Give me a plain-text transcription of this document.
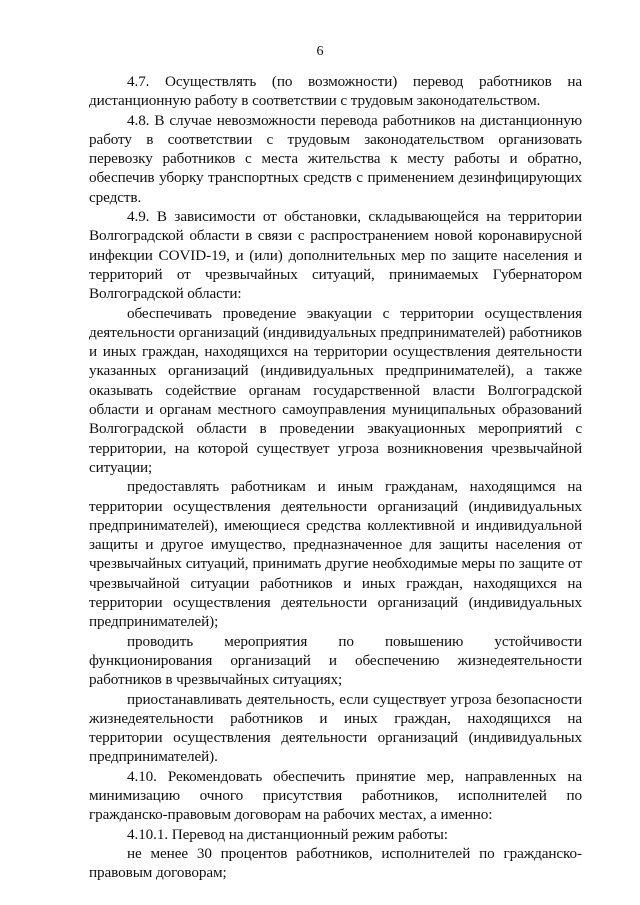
6

4.7. Осуществлять (по возможности) перевод работников на дистанционную работу в соответствии с трудовым законодательством.

4.8. В случае невозможности перевода работников на дистанционную работу в соответствии с трудовым законодательством организовать перевозку работников с места жительства к месту работы и обратно, обеспечив уборку транспортных средств с применением дезинфицирующих средств.

4.9. В зависимости от обстановки, складывающейся на территории Волгоградской области в связи с распространением новой коронавирусной инфекции COVID-19, и (или) дополнительных мер по защите населения и территорий от чрезвычайных ситуаций, принимаемых Губернатором Волгоградской области:

обеспечивать проведение эвакуации с территории осуществления деятельности организаций (индивидуальных предпринимателей) работников и иных граждан, находящихся на территории осуществления деятельности указанных организаций (индивидуальных предпринимателей), а также оказывать содействие органам государственной власти Волгоградской области и органам местного самоуправления муниципальных образований Волгоградской области в проведении эвакуационных мероприятий с территории, на которой существует угроза возникновения чрезвычайной ситуации;

предоставлять работникам и иным гражданам, находящимся на территории осуществления деятельности организаций (индивидуальных предпринимателей), имеющиеся средства коллективной и индивидуальной защиты и другое имущество, предназначенное для защиты населения от чрезвычайных ситуаций, принимать другие необходимые меры по защите от чрезвычайной ситуации работников и иных граждан, находящихся на территории осуществления деятельности организаций (индивидуальных предпринимателей);

проводить мероприятия по повышению устойчивости функционирования организаций и обеспечению жизнедеятельности работников в чрезвычайных ситуациях;

приостанавливать деятельность, если существует угроза безопасности жизнедеятельности работников и иных граждан, находящихся на территории осуществления деятельности организаций (индивидуальных предпринимателей).

4.10. Рекомендовать обеспечить принятие мер, направленных на минимизацию очного присутствия работников, исполнителей по гражданско-правовым договорам на рабочих местах, а именно:

4.10.1. Перевод на дистанционный режим работы:

не менее 30 процентов работников, исполнителей по гражданско-правовым договорам;
